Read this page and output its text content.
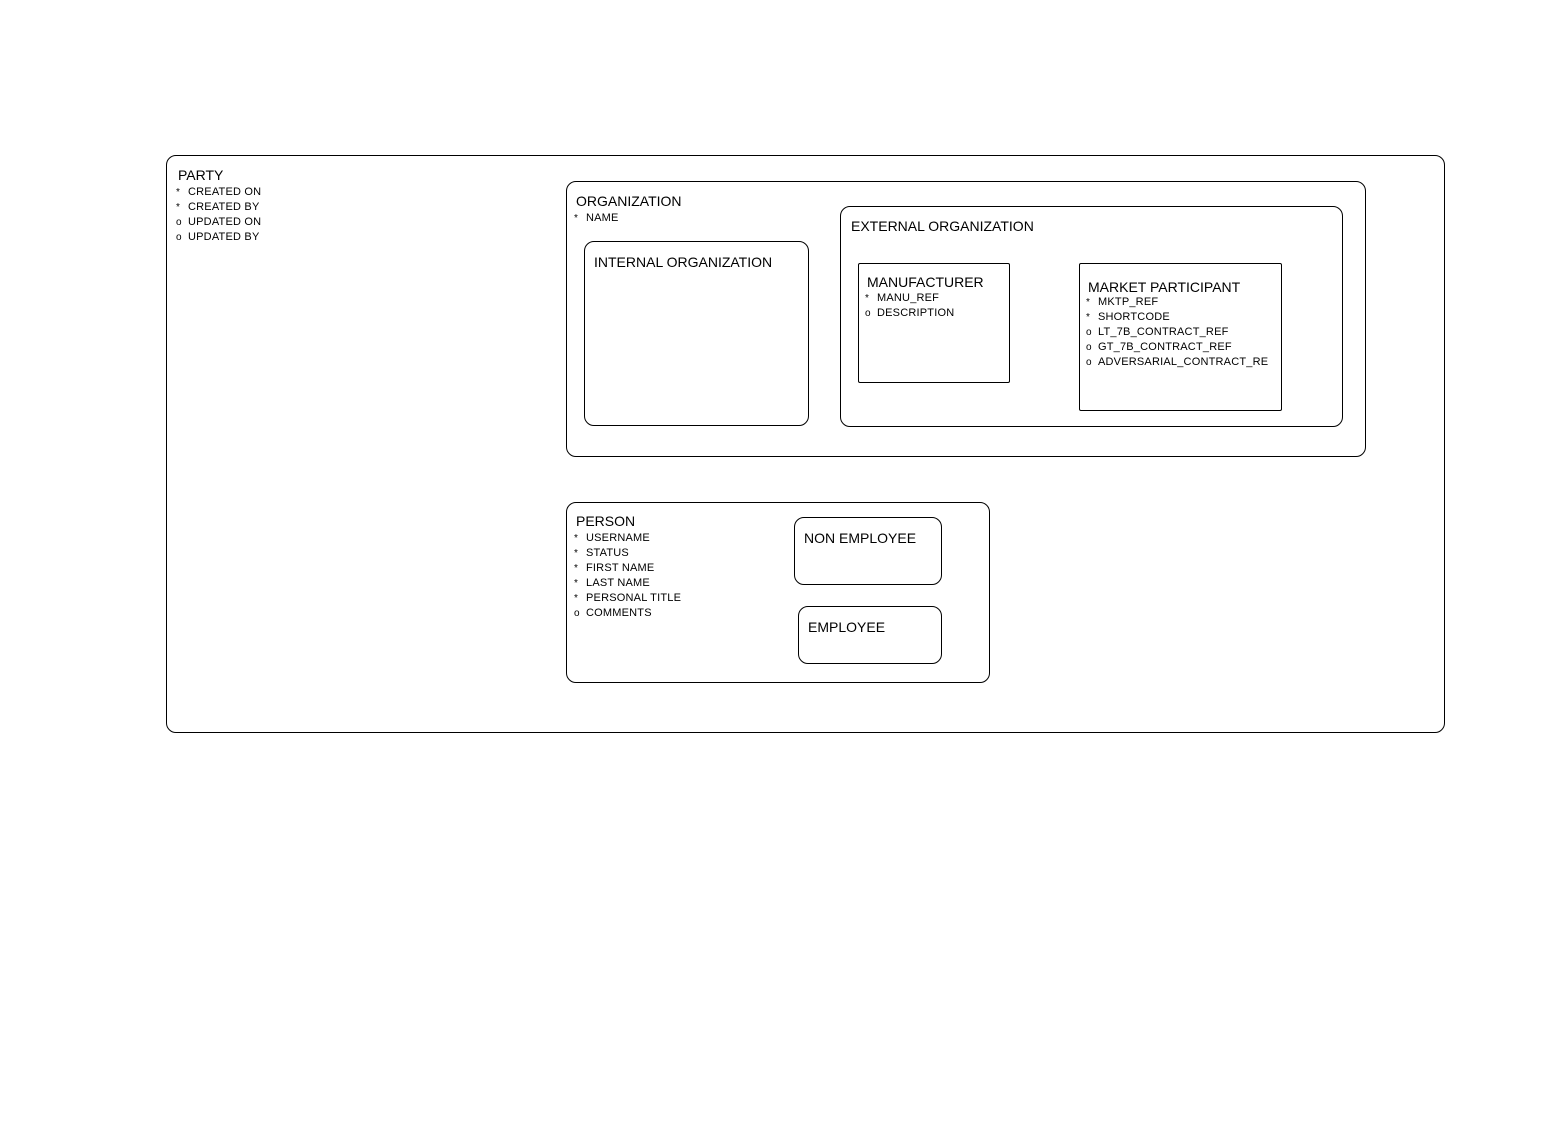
PARTY
* CREATED ON
* CREATED BY
o UPDATED ON
o UPDATED BY
ORGANIZATION
* NAME
INTERNAL ORGANIZATION
EXTERNAL ORGANIZATION
MANUFACTURER
* MANU_REF
o DESCRIPTION
MARKET PARTICIPANT
* MKTP_REF
* SHORTCODE
o LT_7B_CONTRACT_REF
o GT_7B_CONTRACT_REF
o ADVERSARIAL_CONTRACT_RE
PERSON
* USERNAME
* STATUS
* FIRST NAME
* LAST NAME
* PERSONAL TITLE
o COMMENTS
NON EMPLOYEE
EMPLOYEE
